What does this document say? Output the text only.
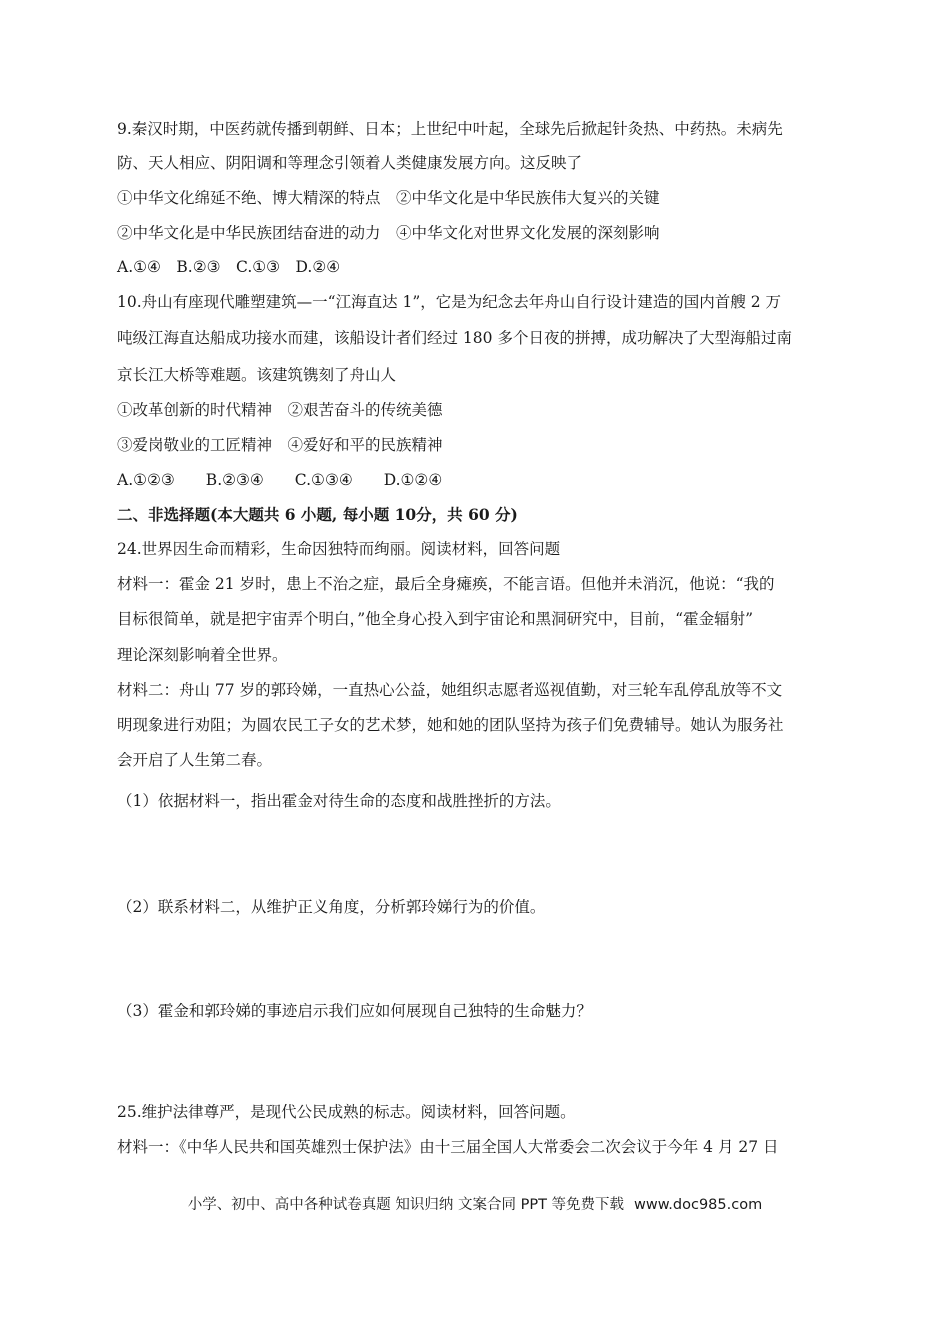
9.秦汉时期，中医药就传播到朝鲜、日本；上世纪中叶起，全球先后掀起针灸热、中药热。未病先
防、天人相应、阴阳调和等理念引领着人类健康发展方向。这反映了
①中华文化绵延不绝、博大精深的特点　②中华文化是中华民族伟大复兴的关键
②中华文化是中华民族团结奋进的动力　④中华文化对世界文化发展的深刻影响
A.①④　B.②③　C.①③　D.②④
10.舟山有座现代雕塑建筑—一“江海直达 1”，它是为纪念去年舟山自行设计建造的国内首艘 2 万
吨级江海直达船成功接水而建，该船设计者们经过 180 多个日夜的拼搏，成功解决了大型海船过南
京长江大桥等难题。该建筑镌刻了舟山人
①改革创新的时代精神　②艰苦奋斗的传统美德
③爱岗敬业的工匠精神　④爱好和平的民族精神
A.①②③　　B.②③④　　C.①③④　　D.①②④
二、非选择题(本大题共 6 小题, 每小题 10分，共 60 分)
24.世界因生命而精彩，生命因独特而绚丽。阅读材料，回答问题
材料一：霍金 21 岁时，患上不治之症，最后全身瘫痪，不能言语。但他并未消沉，他说：“我的
目标很简单，就是把宇宙弄个明白，”他全身心投入到宇宙论和黑洞研究中，目前，“霍金辐射”
理论深刻影响着全世界。
材料二：舟山 77 岁的郭玲娣，一直热心公益，她组织志愿者巡视值勤，对三轮车乱停乱放等不文
明现象进行劝阻；为圆农民工子女的艺术梦，她和她的团队坚持为孩子们免费辅导。她认为服务社
会开启了人生第二春。
（1）依据材料一，指出霍金对待生命的态度和战胜挫折的方法。
（2）联系材料二，从维护正义角度，分析郭玲娣行为的价值。
（3）霍金和郭玲娣的事迹启示我们应如何展现自己独特的生命魅力？
25.维护法律尊严，是现代公民成熟的标志。阅读材料，回答问题。
材料一：《中华人民共和国英雄烈士保护法》由十三届全国人大常委会二次会议于今年 4 月 27 日
小学、初中、高中各种试卷真题 知识归纳 文案合同 PPT 等免费下载 www.doc985.com
